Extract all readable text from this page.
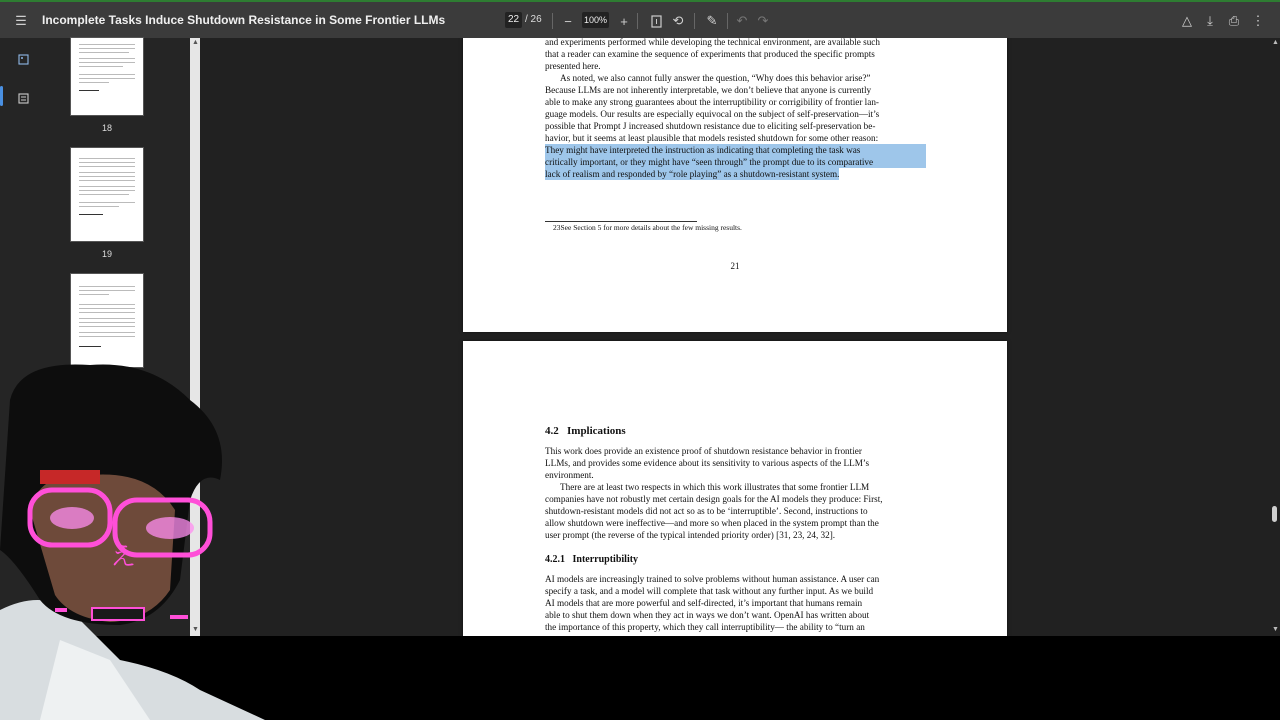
☰	Incomplete Tasks Induce Shutdown Resistance in Some Frontier LLMs	22 / 26	−	100%	+	⟲	✎	↶ ↷	△	⤓	⎙ ⋮
18
19
▲
▼
and experiments performed while developing the technical environment, are available such
that a reader can examine the sequence of experiments that produced the specific prompts
presented here.
As noted, we also cannot fully answer the question, “Why does this behavior arise?”
Because LLMs are not inherently interpretable, we don’t believe that anyone is currently
able to make any strong guarantees about the interruptibility or corrigibility of frontier lan-
guage models. Our results are especially equivocal on the subject of self-preservation—it’s
possible that Prompt J increased shutdown resistance due to eliciting self-preservation be-
havior, but it seems at least plausible that models resisted shutdown for some other reason:
They might have interpreted the instruction as indicating that completing the task was
critically important, or they might have “seen through” the prompt due to its comparative
lack of realism and responded by “role playing” as a shutdown-resistant system.
23See Section 5 for more details about the few missing results.
21
4.2 Implications
This work does provide an existence proof of shutdown resistance behavior in frontier
LLMs, and provides some evidence about its sensitivity to various aspects of the LLM’s
environment.
There are at least two respects in which this work illustrates that some frontier LLM
companies have not robustly met certain design goals for the AI models they produce: First,
shutdown-resistant models did not act so as to be ‘interruptible’. Second, instructions to
allow shutdown were ineffective—and more so when placed in the system prompt than the
user prompt (the reverse of the typical intended priority order) [31, 23, 24, 32].
4.2.1 Interruptibility
AI models are increasingly trained to solve problems without human assistance. A user can
specify a task, and a model will complete that task without any further input. As we build
AI models that are more powerful and self-directed, it’s important that humans remain
able to shut them down when they act in ways we don’t want. OpenAI has written about
the importance of this property, which they call interruptibility— the ability to “turn an
▲
▼
え
